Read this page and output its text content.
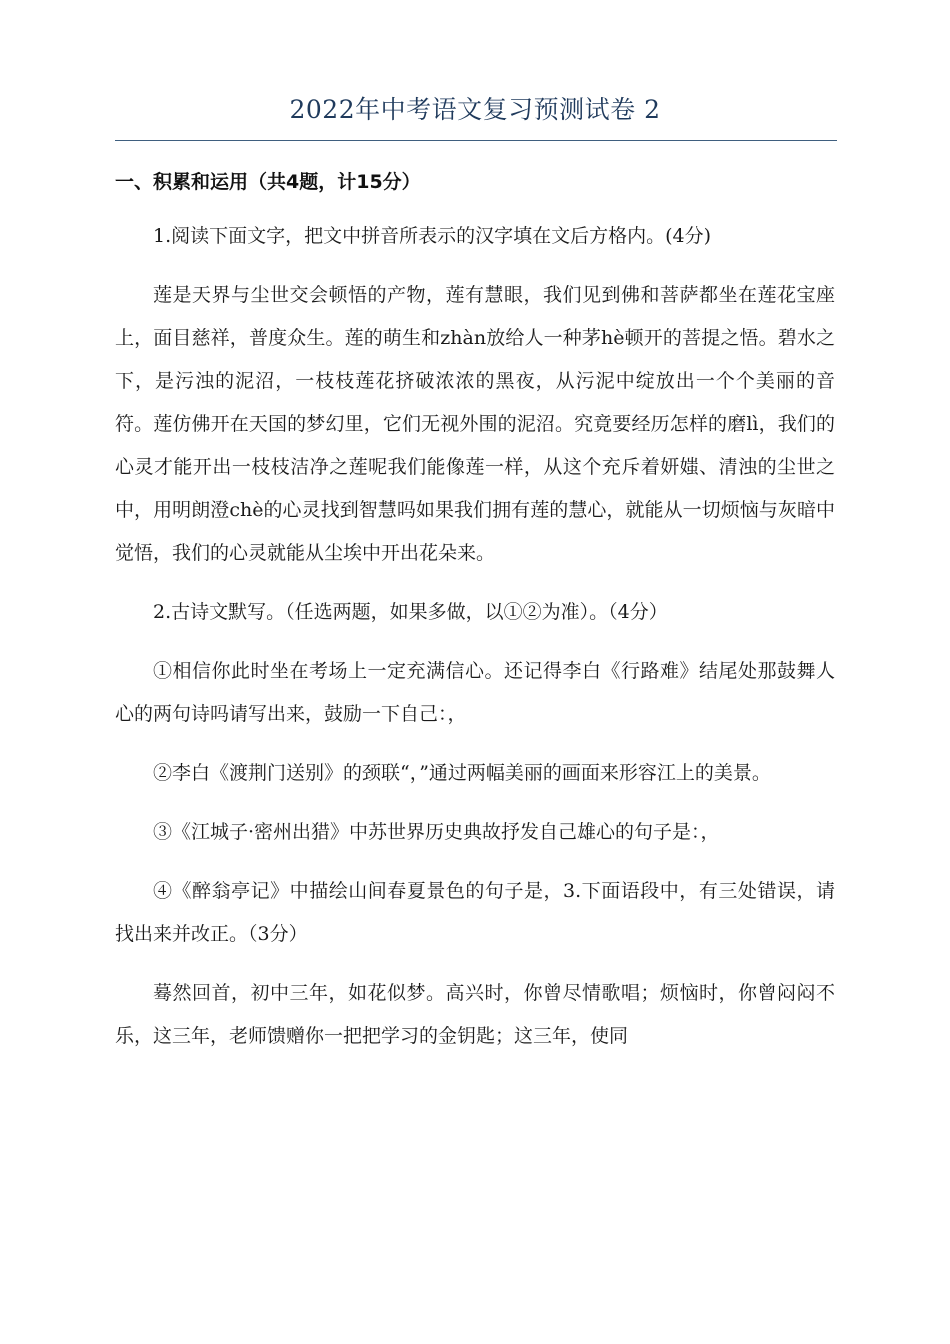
2022年中考语文复习预测试卷 2
一、积累和运用（共4题，计15分）

1.阅读下面文字，把文中拼音所表示的汉字填在文后方格内。(4分)

莲是天界与尘世交会顿悟的产物，莲有慧眼，我们见到佛和菩萨都坐在莲花宝座上，面目慈祥，普度众生。莲的萌生和zhàn放给人一种茅hè顿开的菩提之悟。碧水之下，是污浊的泥沼，一枝枝莲花挤破浓浓的黑夜，从污泥中绽放出一个个美丽的音符。莲仿佛开在天国的梦幻里，它们无视外围的泥沼。究竟要经历怎样的磨lì，我们的心灵才能开出一枝枝洁净之莲呢我们能像莲一样，从这个充斥着妍媸、清浊的尘世之中，用明朗澄chè的心灵找到智慧吗如果我们拥有莲的慧心，就能从一切烦恼与灰暗中觉悟，我们的心灵就能从尘埃中开出花朵来。

2.古诗文默写。（任选两题，如果多做，以①②为准）。（4分）

①相信你此时坐在考场上一定充满信心。还记得李白《行路难》结尾处那鼓舞人心的两句诗吗请写出来，鼓励一下自己：，

②李白《渡荆门送别》的颈联“，”通过两幅美丽的画面来形容江上的美景。

③《江城子·密州出猎》中苏世界历史典故抒发自己雄心的句子是：，

④《醉翁亭记》中描绘山间春夏景色的句子是，3.下面语段中，有三处错误，请找出来并改正。（3分）

蓦然回首，初中三年，如花似梦。高兴时，你曾尽情歌唱；烦恼时，你曾闷闷不乐，这三年，老师馈赠你一把把学习的金钥匙；这三年，使同
